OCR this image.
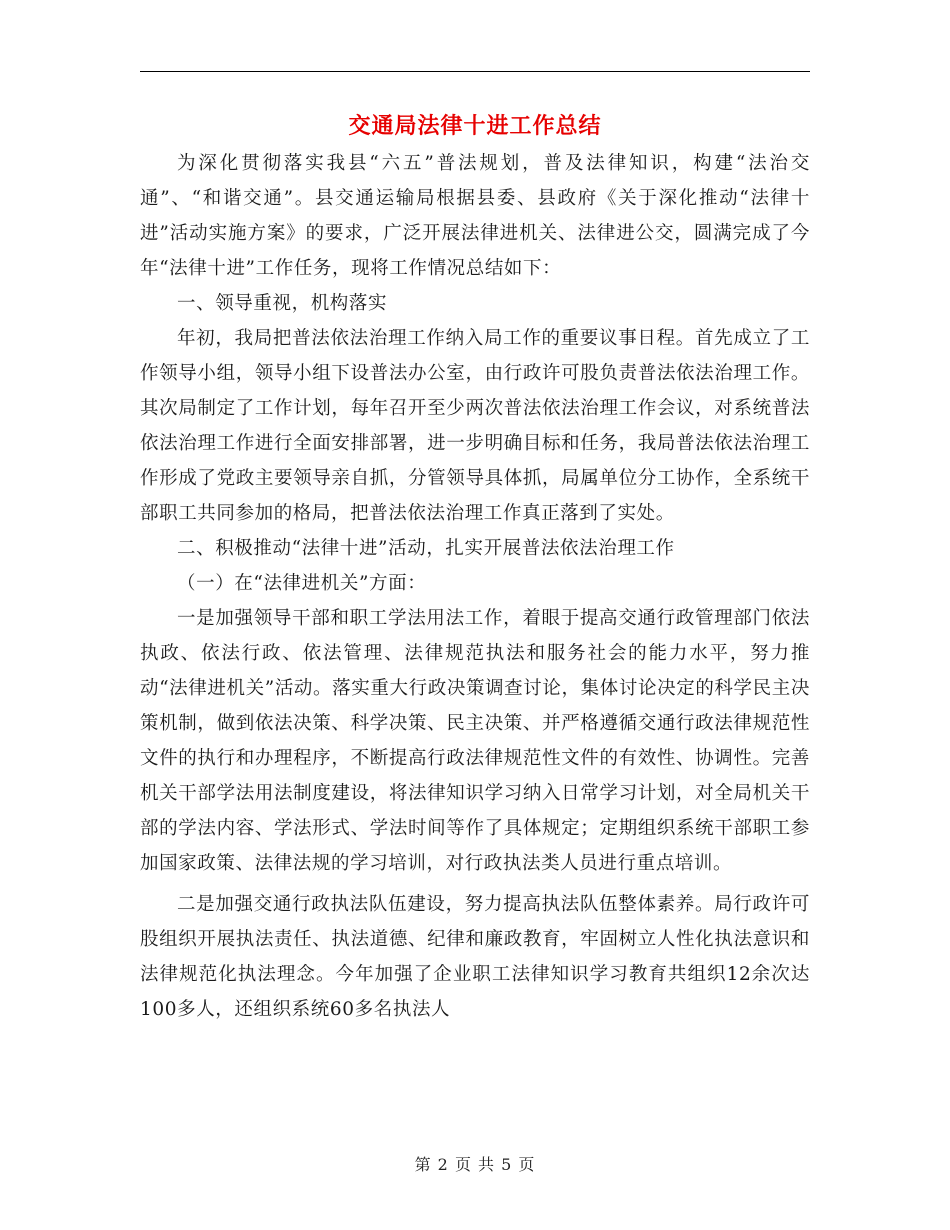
交通局法律十进工作总结

为深化贯彻落实我县“六五”普法规划，普及法律知识，构建“法治交通”、“和谐交通”。县交通运输局根据县委、县政府《关于深化推动“法律十进”活动实施方案》的要求，广泛开展法律进机关、法律进公交，圆满完成了今年“法律十进”工作任务，现将工作情况总结如下：

一、领导重视，机构落实

年初，我局把普法依法治理工作纳入局工作的重要议事日程。首先成立了工作领导小组，领导小组下设普法办公室，由行政许可股负责普法依法治理工作。其次局制定了工作计划，每年召开至少两次普法依法治理工作会议，对系统普法依法治理工作进行全面安排部署，进一步明确目标和任务，我局普法依法治理工作形成了党政主要领导亲自抓，分管领导具体抓，局属单位分工协作，全系统干部职工共同参加的格局，把普法依法治理工作真正落到了实处。

二、积极推动“法律十进”活动，扎实开展普法依法治理工作

（一）在“法律进机关”方面：

一是加强领导干部和职工学法用法工作，着眼于提高交通行政管理部门依法执政、依法行政、依法管理、法律规范执法和服务社会的能力水平，努力推动“法律进机关”活动。落实重大行政决策调查讨论，集体讨论决定的科学民主决策机制，做到依法决策、科学决策、民主决策、并严格遵循交通行政法律规范性文件的执行和办理程序，不断提高行政法律规范性文件的有效性、协调性。完善机关干部学法用法制度建设，将法律知识学习纳入日常学习计划，对全局机关干部的学法内容、学法形式、学法时间等作了具体规定；定期组织系统干部职工参加国家政策、法律法规的学习培训，对行政执法类人员进行重点培训。

二是加强交通行政执法队伍建设，努力提高执法队伍整体素养。局行政许可股组织开展执法责任、执法道德、纪律和廉政教育，牢固树立人性化执法意识和法律规范化执法理念。今年加强了企业职工法律知识学习教育共组织12余次达100多人，还组织系统60多名执法人

第 2 页 共 5 页
